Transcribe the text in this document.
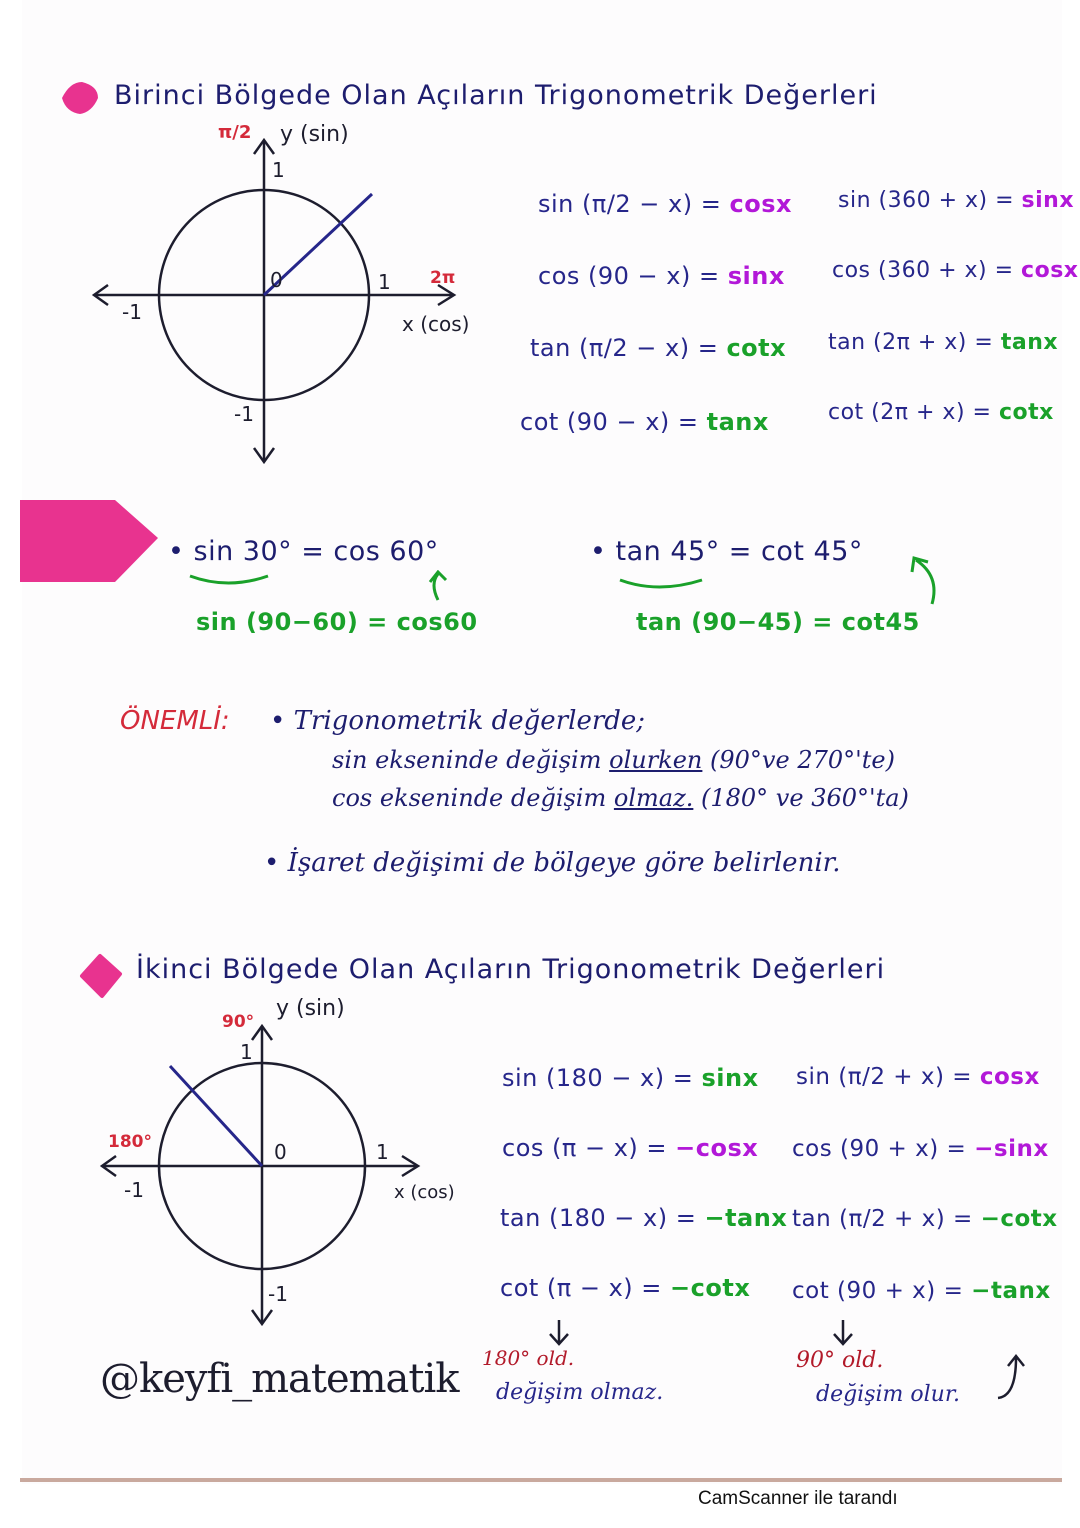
Birinci Bölgede Olan Açıların Trigonometrik Değerleri
π/2 y (sin)
2π
x (cos)
1
1
-1
-1
0
sin (π/2 − x) = cosx
cos (90 − x) = sinx
tan (π/2 − x) = cotx
cot (90 − x) = tanx
sin (360 + x) = sinx
cos (360 + x) = cosx
tan (2π + x) = tanx
cot (2π + x) = cotx
• sin 30° = cos 60°
sin (90−60) = cos60
• tan 45° = cot 45°
tan (90−45) = cot45
ÖNEMLİ: • Trigonometrik değerlerde;
sin ekseninde değişim olurken (90°ve 270°'te)
cos ekseninde değişim olmaz. (180° ve 360°'ta)
• İşaret değişimi de bölgeye göre belirlenir.
İkinci Bölgede Olan Açıların Trigonometrik Değerleri
90°
y (sin)
180°
x (cos)
1
1
-1
-1
0
sin (180 − x) = sinx
cos (π − x) = −cosx
tan (180 − x) = −tanx
cot (π − x) = −cotx
sin (π/2 + x) = cosx
cos (90 + x) = −sinx
tan (π/2 + x) = −cotx
cot (90 + x) = −tanx
180° old.
değişim olmaz.
90° old.
değişim olur.
@keyfi_matematik
CamScanner ile tarandı
